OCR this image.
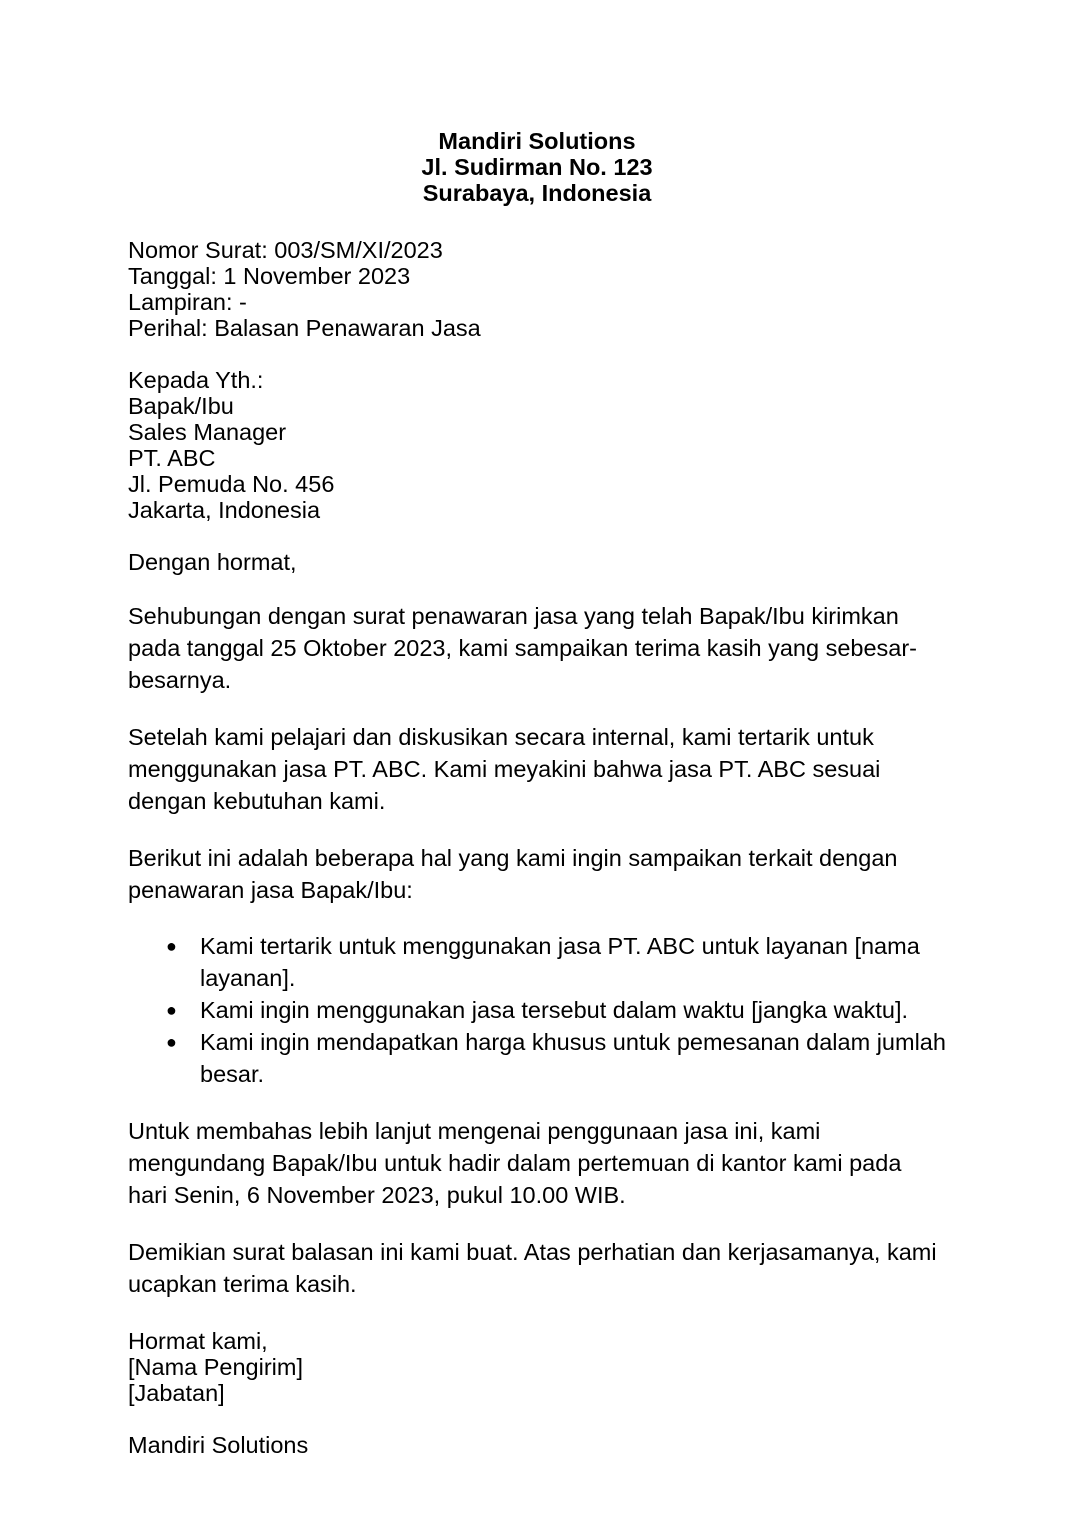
Mandiri Solutions
Jl. Sudirman No. 123
Surabaya, Indonesia
Nomor Surat: 003/SM/XI/2023
Tanggal: 1 November 2023
Lampiran: -
Perihal: Balasan Penawaran Jasa
Kepada Yth.:
Bapak/Ibu
Sales Manager
PT. ABC
Jl. Pemuda No. 456
Jakarta, Indonesia
Dengan hormat,

Sehubungan dengan surat penawaran jasa yang telah Bapak/Ibu kirimkan pada tanggal 25 Oktober 2023, kami sampaikan terima kasih yang sebesar-besarnya.

Setelah kami pelajari dan diskusikan secara internal, kami tertarik untuk menggunakan jasa PT. ABC. Kami meyakini bahwa jasa PT. ABC sesuai dengan kebutuhan kami.

Berikut ini adalah beberapa hal yang kami ingin sampaikan terkait dengan penawaran jasa Bapak/Ibu:

● Kami tertarik untuk menggunakan jasa PT. ABC untuk layanan [nama layanan].
● Kami ingin menggunakan jasa tersebut dalam waktu [jangka waktu].
● Kami ingin mendapatkan harga khusus untuk pemesanan dalam jumlah besar.

Untuk membahas lebih lanjut mengenai penggunaan jasa ini, kami mengundang Bapak/Ibu untuk hadir dalam pertemuan di kantor kami pada hari Senin, 6 November 2023, pukul 10.00 WIB.

Demikian surat balasan ini kami buat. Atas perhatian dan kerjasamanya, kami ucapkan terima kasih.

Hormat kami,
[Nama Pengirim]
[Jabatan]
Mandiri Solutions
